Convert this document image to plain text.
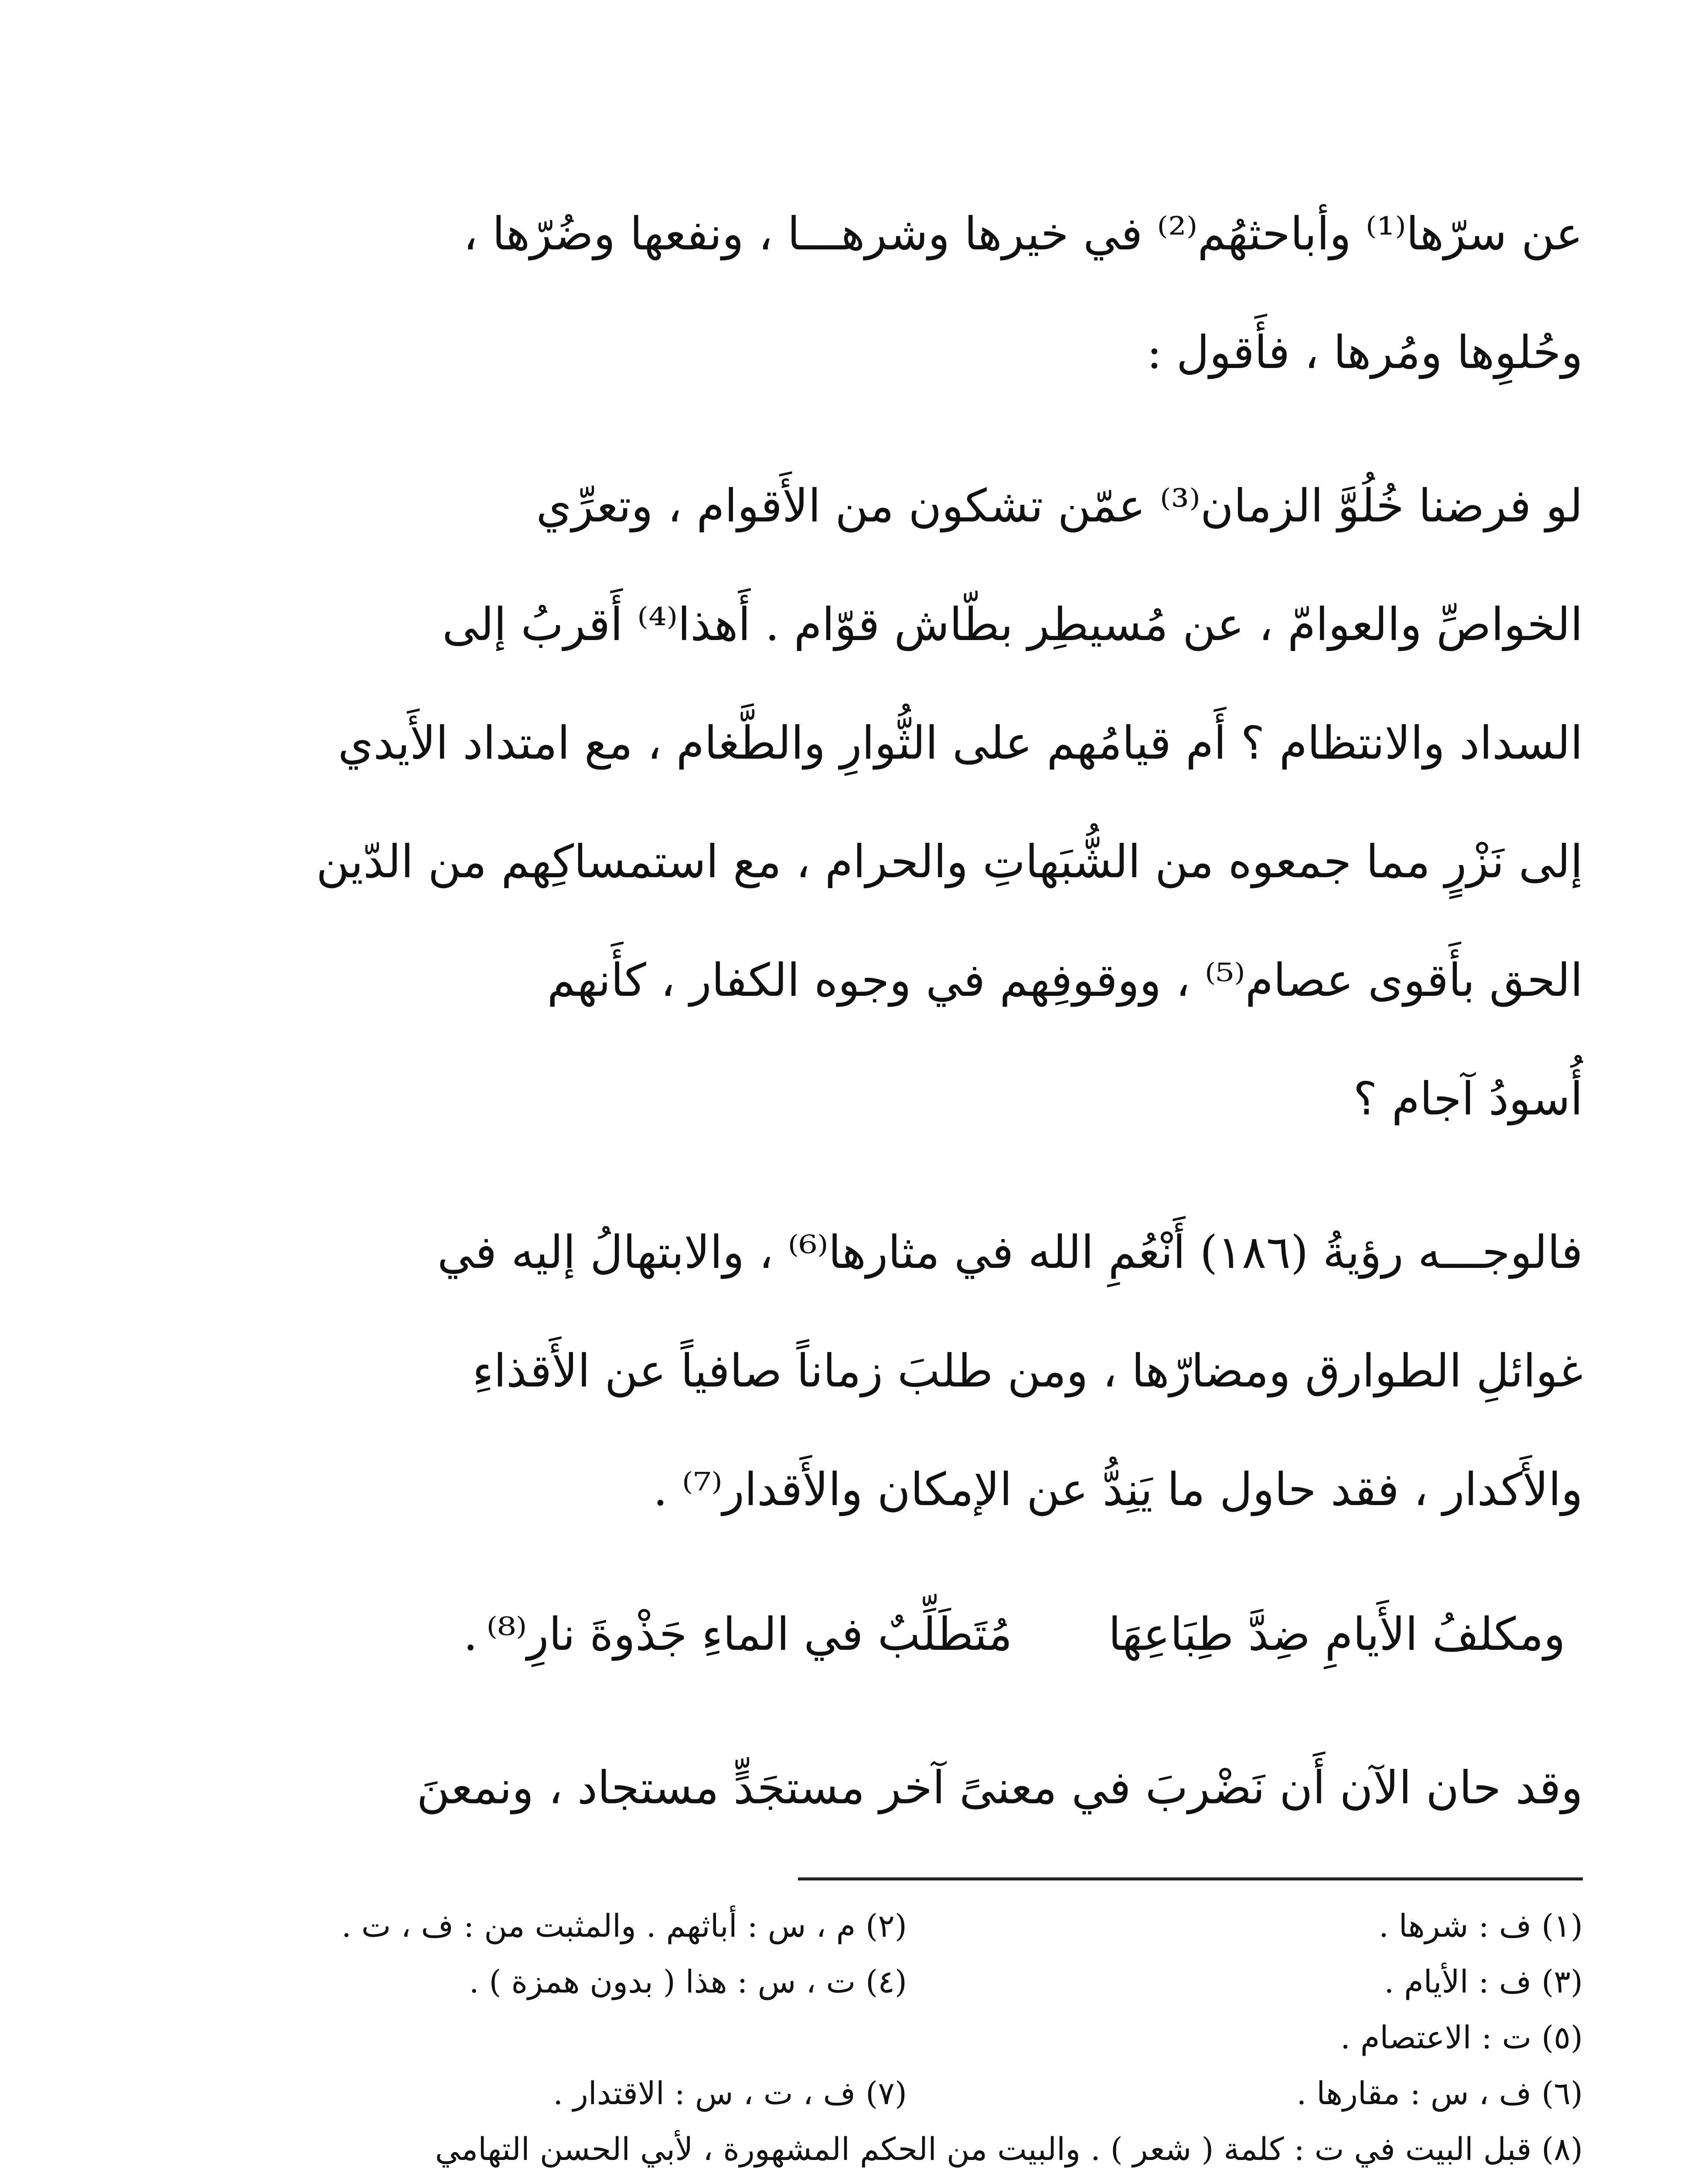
عن سرّها⁽¹⁾ وأباحثهُم⁽²⁾ في خيرها وشرهـــا ، ونفعها وضُرّها ،
وحُلوِها ومُرها ، فأَقول :
لو فرضنا خُلُوَّ الزمان⁽³⁾ عمّن تشكون من الأَقوام ، وتعرِّي
الخواصِّ والعوامّ ، عن مُسيطِر بطّاش قوّام . أَهذا⁽⁴⁾ أَقربُ إلى
السداد والانتظام ؟ أَم قيامُهم على الثُّوارِ والطَّغام ، مع امتداد الأَيدي
إلى نَزْرٍ مما جمعوه من الشُّبَهاتِ والحرام ، مع استمساكِهم من الدّين
الحق بأَقوى عصام⁽⁵⁾ ، ووقوفِهم في وجوه الكفار ، كأَنهم
أُسودُ آجام ؟
فالوجـــه رؤيةُ (١٨٦) أَنْعُمِ الله في مثارها⁽⁶⁾ ، والابتهالُ إليه في
غوائلِ الطوارق ومضارّها ، ومن طلبَ زماناً صافياً عن الأَقذاءِ
والأَكدار ، فقد حاول ما يَنِدُّ عن الإمكان والأَقدار⁽⁷⁾ .
ومكلفُ الأَيامِ ضِدَّ طِبَاعِهَا
مُتَطَلِّبٌ في الماءِ جَذْوةَ نارِ⁽⁸⁾
.
وقد حان الآن أَن نَضْربَ في معنىً آخر مستجَدٍّ مستجاد ، ونمعنَ
(١) ف : شرها .
(٢) م ، س : أباثهم . والمثبت من : ف ، ت .
(٣) ف : الأيام .
(٤) ت ، س : هذا ( بدون همزة ) .
(٥) ت : الاعتصام .
(٦) ف ، س : مقارها .
(٧) ف ، ت ، س : الاقتدار .
(٨) قبل البيت في ت : كلمة ( شعر ) . والبيت من الحكم المشهورة ، لأبي الحسن التهامي
